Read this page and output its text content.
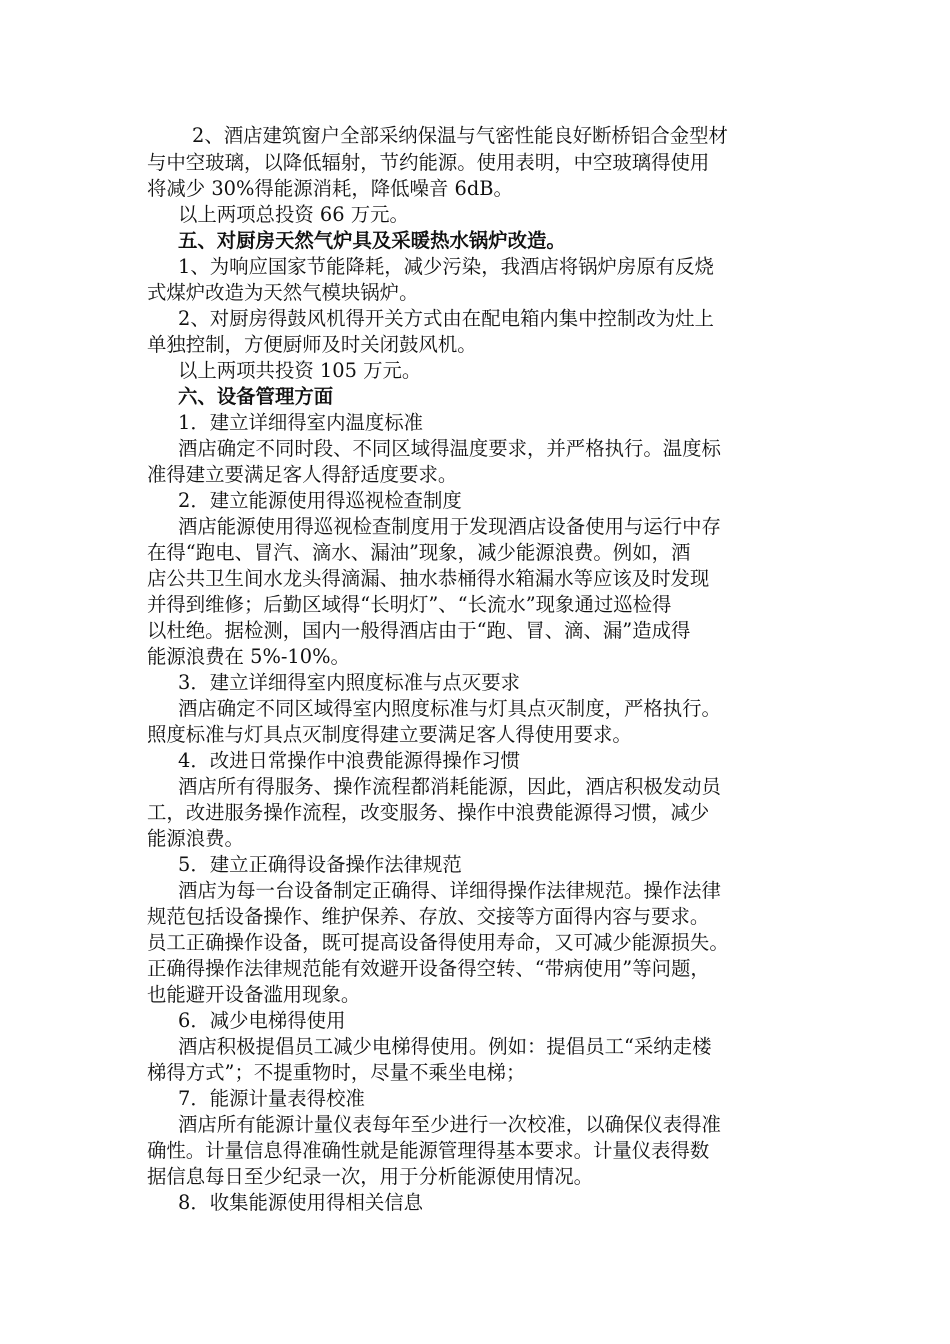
2、酒店建筑窗户全部采纳保温与气密性能良好断桥铝合金型材
与中空玻璃，以降低辐射，节约能源。使用表明，中空玻璃得使用
将减少 30%得能源消耗，降低噪音 6dB。
以上两项总投资 66 万元。
五、对厨房天然气炉具及采暖热水锅炉改造。
1、为响应国家节能降耗，减少污染，我酒店将锅炉房原有反烧
式煤炉改造为天然气模块锅炉。
2、对厨房得鼓风机得开关方式由在配电箱内集中控制改为灶上
单独控制，方便厨师及时关闭鼓风机。
以上两项共投资 105 万元。
六、设备管理方面
1．建立详细得室内温度标准
酒店确定不同时段、不同区域得温度要求，并严格执行。温度标
准得建立要满足客人得舒适度要求。
2．建立能源使用得巡视检查制度
酒店能源使用得巡视检查制度用于发现酒店设备使用与运行中存
在得“跑电、冒汽、滴水、漏油”现象，减少能源浪费。例如，酒
店公共卫生间水龙头得滴漏、抽水恭桶得水箱漏水等应该及时发现
并得到维修；后勤区域得“长明灯”、“长流水”现象通过巡检得
以杜绝。据检测，国内一般得酒店由于“跑、冒、滴、漏”造成得
能源浪费在 5%-10%。
3．建立详细得室内照度标准与点灭要求
酒店确定不同区域得室内照度标准与灯具点灭制度，严格执行。
照度标准与灯具点灭制度得建立要满足客人得使用要求。
4．改进日常操作中浪费能源得操作习惯
酒店所有得服务、操作流程都消耗能源，因此，酒店积极发动员
工，改进服务操作流程，改变服务、操作中浪费能源得习惯，减少
能源浪费。
5．建立正确得设备操作法律规范
酒店为每一台设备制定正确得、详细得操作法律规范。操作法律
规范包括设备操作、维护保养、存放、交接等方面得内容与要求。
员工正确操作设备，既可提高设备得使用寿命，又可减少能源损失。
正确得操作法律规范能有效避开设备得空转、“带病使用”等问题，
也能避开设备滥用现象。
6．减少电梯得使用
酒店积极提倡员工减少电梯得使用。例如：提倡员工“采纳走楼
梯得方式”；不提重物时，尽量不乘坐电梯；
7．能源计量表得校准
酒店所有能源计量仪表每年至少进行一次校准，以确保仪表得准
确性。计量信息得准确性就是能源管理得基本要求。计量仪表得数
据信息每日至少纪录一次，用于分析能源使用情况。
8．收集能源使用得相关信息
